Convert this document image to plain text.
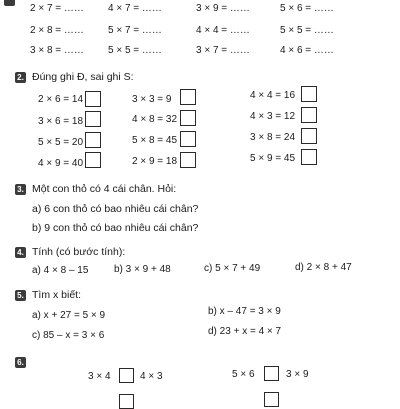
2 × 7 = …… 4 × 7 = ……	3 × 9 = ……	5 × 6 = ……
2 × 8 = …… 5 × 7 = ……	4 × 4 = ……	5 × 5 = ……
3 × 8 = …… 5 × 5 = ……	3 × 7 = ……	4 × 6 = ……
2. Đúng ghi Đ, sai ghi S:
2 × 6 = 14	3 × 3 = 9	4 × 4 = 16
3 × 6 = 18	4 × 8 = 32	4 × 3 = 12
5 × 5 = 20	5 × 8 = 45	3 × 8 = 24
4 × 9 = 40	2 × 9 = 18	5 × 9 = 45
3. Một con thỏ có 4 cái chân. Hỏi:
a) 6 con thỏ có bao nhiêu cái chân?
b) 9 con thỏ có bao nhiêu cái chân?
4. Tính (có bước tính):
a) 4 × 8 – 15	b) 3 × 9 + 48	c) 5 × 7 + 49	d) 2 × 8 + 47
5. Tìm x biết:
a) x + 27 = 5 × 9	b) x – 47 = 3 × 9
c) 85 – x = 3 × 6	d) 23 + x = 4 × 7
6.
3 × 4	4 × 3	5 × 6	3 × 9
